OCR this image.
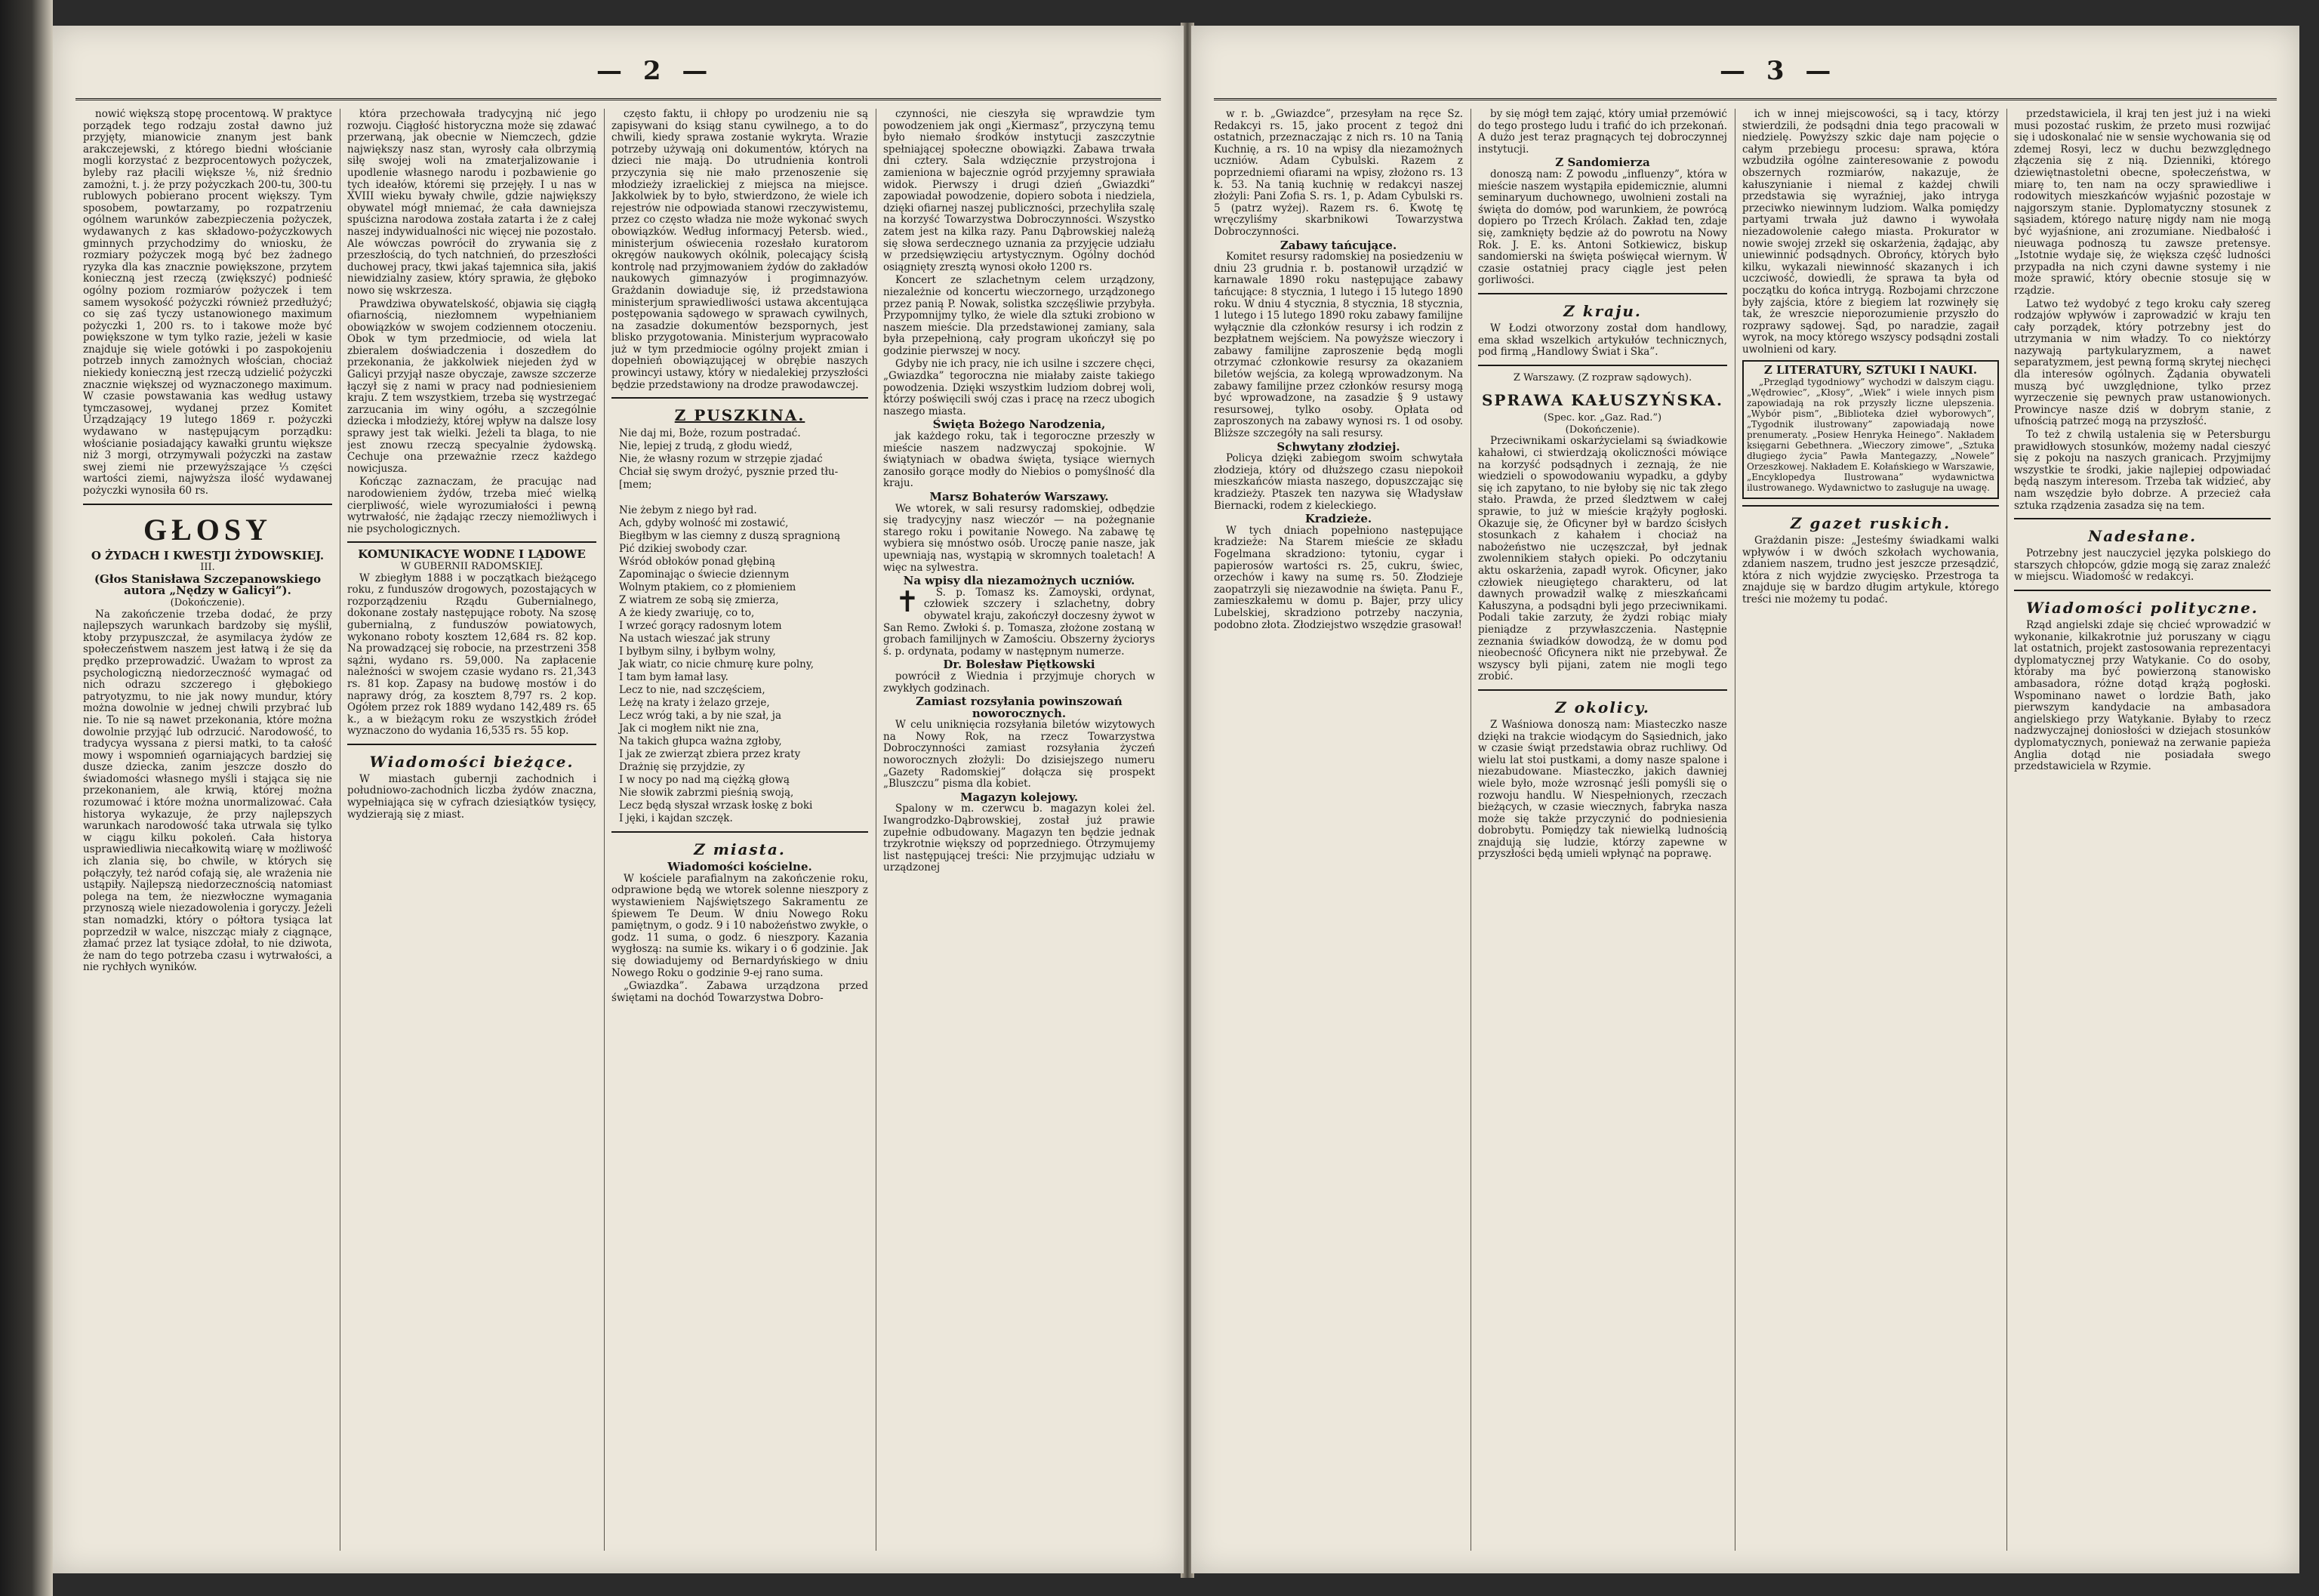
— 2 —

nowić większą stopę procentową. W praktyce porządek tego rodzaju został dawno już przyjęty, mianowicie znanym jest bank arakczejewski, z którego biedni włościanie mogli korzystać z bezprocentowych pożyczek, byleby raz płacili większe ⅛, niż średnio zamożni, t. j. że przy pożyczkach 200-tu, 300-tu rublowych pobierano procent większy. Tym sposobem, powtarzamy, po rozpatrzeniu ogólnem warunków zabezpieczenia pożyczek, wydawanych z kas składowo-pożyczkowych gminnych przychodzimy do wniosku, że rozmiary pożyczek mogą być bez żadnego ryzyka dla kas znacznie powiększone, przytem konieczną jest rzeczą (zwiększyć) podnieść ogólny poziom rozmiarów pożyczek i tem samem wysokość pożyczki również przedłużyć; co się zaś tyczy ustanowionego maximum pożyczki 1, 200 rs. to i takowe może być powiększone w tym tylko razie, jeżeli w kasie znajduje się wiele gotówki i po zaspokojeniu potrzeb innych zamożnych włościan, chociaż niekiedy konieczną jest rzeczą udzielić pożyczki znacznie większej od wyznaczonego maximum. W czasie powstawania kas według ustawy tymczasowej, wydanej przez Komitet Urządzający 19 lutego 1869 r. pożyczki wydawano w następującym porządku: włościanie posiadający kawałki gruntu większe niż 3 morgi, otrzymywali pożyczki na zastaw swej ziemi nie przewyższające ⅓ części wartości ziemi, najwyższa ilość wydawanej pożyczki wynosiła 60 rs.

GŁOSY
O ŻYDACH I KWESTJI ŻYDOWSKIEJ.
III.
(Głos Stanisława Szczepanowskiego autora „Nędzy w Galicyi”).
(Dokończenie).

Na zakończenie trzeba dodać, że przy najlepszych warunkach bardzoby się myślił, ktoby przypuszczał, że asymilacya żydów ze społeczeństwem naszem jest łatwą i że się da prędko przeprowadzić. Uważam to wprost za psychologiczną niedorzeczność wymagać od nich odrazu szczerego i głębokiego patryotyzmu, to nie jak nowy mundur, który można dowolnie w jednej chwili przybrać lub nie. To nie są nawet przekonania, które można dowolnie przyjąć lub odrzucić. Narodowość, to tradycya wyssana z piersi matki, to ta całość mowy i wspomnień ogarniających bardziej się dusze dziecka, zanim jeszcze doszło do świadomości własnego myśli i stająca się nie przekonaniem, ale krwią, której można rozumować i które można unormalizować. Cała historya wykazuje, że przy najlepszych warunkach narodowość taka utrwala się tylko w ciągu kilku pokoleń. Cała historya usprawiedliwia niecałkowitą wiarę w możliwość ich zlania się, bo chwile, w których się połączyły, też naród cofają się, ale wrażenia nie ustąpiły. Najlepszą niedorzecznością natomiast polega na tem, że niezwłoczne wymagania przynoszą wiele niezadowolenia i goryczy. Jeżeli stan nomadzki, który o półtora tysiąca lat poprzedził w walce, niszcząc miały z ciągnące, złamać przez lat tysiące zdołał, to nie dziwota, że nam do tego potrzeba czasu i wytrwałości, a nie rychłych wyników.

która przechowała tradycyjną nić jego rozwoju. Ciągłość historyczna może się zdawać przerwaną, jak obecnie w Niemczech, gdzie największy nasz stan, wyrosły cała olbrzymią siłę swojej woli na zmaterjalizowanie i upodlenie własnego narodu i pozbawienie go tych ideałów, któremi się przejęły. I u nas w XVIII wieku bywały chwile, gdzie największy obywatel mógł mniemać, że cała dawniejsza spuścizna narodowa została zatarta i że z całej naszej indywidualności nic więcej nie pozostało. Ale wówczas powrócił do zrywania się z przeszłością, do tych natchnień, do przeszłości duchowej pracy, tkwi jakaś tajemnica siła, jakiś niewidzialny zasiew, który sprawia, że głęboko nowo się wskrzesza.

Prawdziwa obywatelskość, objawia się ciągłą ofiarnością, niezłomnem wypełnianiem obowiązków w swojem codziennem otoczeniu. Obok w tym przedmiocie, od wiela lat zbieralem doświadczenia i doszedłem do przekonania, że jakkolwiek niejeden żyd w Galicyi przyjął nasze obyczaje, zawsze szczerze łączył się z nami w pracy nad podniesieniem kraju. Z tem wszystkiem, trzeba się wystrzegać zarzucania im winy ogółu, a szczególnie dziecka i młodzieży, której wpływ na dalsze losy sprawy jest tak wielki. Jeżeli ta blaga, to nie jest znowu rzeczą specyalnie żydowską. Cechuje ona przeważnie rzecz każdego nowicjusza.

Kończąc zaznaczam, że pracując nad narodowieniem żydów, trzeba mieć wielką cierpliwość, wiele wyrozumiałości i pewną wytrwałość, nie żądając rzeczy niemożliwych i nie psychologicznych.

KOMUNIKACYE WODNE I LĄDOWE
W GUBERNII RADOMSKIEJ.

W zbiegłym 1888 i w początkach bieżącego roku, z funduszów drogowych, pozostających w rozporządzeniu Rządu Gubernialnego, dokonane zostały następujące roboty. Na szosę gubernialną, z funduszów powiatowych, wykonano roboty kosztem 12,684 rs. 82 kop. Na prowadzącej się robocie, na przestrzeni 358 sążni, wydano rs. 59,000. Na zapłacenie należności w swojem czasie wydano rs. 21,343 rs. 81 kop. Zapasy na budowę mostów i do naprawy dróg, za kosztem 8,797 rs. 2 kop. Ogółem przez rok 1889 wydano 142,489 rs. 65 k., a w bieżącym roku ze wszystkich źródeł wyznaczono do wydania 16,535 rs. 55 kop.

Wiadomości bieżące.

W miastach gubernji zachodnich i południowo-zachodnich liczba żydów znaczna, wypełniająca się w cyfrach dziesiątków tysięcy, wydzierają się z miast.

często faktu, ii chłopy po urodzeniu nie są zapisywani do ksiąg stanu cywilnego, a to do chwili, kiedy sprawa zostanie wykryta. Wrazie potrzeby używają oni dokumentów, których na dzieci nie mają. Do utrudnienia kontroli przyczynia się nie mało przenoszenie się młodzieży izraelickiej z miejsca na miejsce. Jakkolwiek by to było, stwierdzono, że wiele ich rejestrów nie odpowiada stanowi rzeczywistemu, przez co często władza nie może wykonać swych obowiązków. Według informacyj Petersb. wied., ministerjum oświecenia rozesłało kuratorom okręgów naukowych okólnik, polecający ścisłą kontrolę nad przyjmowaniem żydów do zakładów naukowych gimnazyów i progimnazyów. Grażdanin dowiaduje się, iż przedstawiona ministerjum sprawiedliwości ustawa akcentująca postępowania sądowego w sprawach cywilnych, na zasadzie dokumentów bezspornych, jest blisko przygotowania. Ministerjum wypracowało już w tym przedmiocie ogólny projekt zmian i dopełnień obowiązującej w obrębie naszych prowincyi ustawy, który w niedalekiej przyszłości będzie przedstawiony na drodze prawodawczej.

Z PUSZKINA.
Nie daj mi, Boże, rozum postradać.
Nie, lepiej z trudą, z głodu wiedź,
Nie, że własny rozum w strzępie zjadać
Chciał się swym drożyć, pysznie przed tłu-
[mem;

Nie żebym z niego był rad.
Ach, gdyby wolność mi zostawić,
Biegłbym w las ciemny z duszą spragnioną
Pić dzikiej swobody czar.
Wśród obłoków ponad głębiną
Zapominając o świecie dziennym
Wolnym ptakiem, co z płomieniem
Z wiatrem ze sobą się zmierza,
A że kiedy zwariuję, co to,
I wrzeć gorący radosnym lotem
Na ustach wieszać jak struny
I byłbym silny, i byłbym wolny,
Jak wiatr, co nicie chmurę kure polny,
I tam bym łamał lasy.
Lecz to nie, nad szczęściem,
Leżę na kraty i żelazo grzeje,
Lecz wróg taki, a by nie szał, ja
Jak ci mogłem nikt nie zna,
Na takich głupca ważna zgłoby,
I jak ze zwierząt zbiera przez kraty
Drażnię się przyjdzie, zy
I w nocy po nad mą ciężką głową
Nie słowik zabrzmi pieśnią swoją,
Lecz będą słyszał wrzask łoskę z boki
I jęki, i kajdan szczęk.
Z miasta.
Wiadomości kościelne.

W kościele parafialnym na zakończenie roku, odprawione będą we wtorek solenne nieszpory z wystawieniem Najświętszego Sakramentu ze śpiewem Te Deum. W dniu Nowego Roku pamiętnym, o godz. 9 i 10 nabożeństwo zwykłe, o godz. 11 suma, o godz. 6 nieszpory. Kazania wygłoszą: na sumie ks. wikary i o 6 godzinie. Jak się dowiadujemy od Bernardyńskiego w dniu Nowego Roku o godzinie 9-ej rano suma.

„Gwiazdka”. Zabawa urządzona przed świętami na dochód Towarzystwa Dobro-

czynności, nie cieszyła się wprawdzie tym powodzeniem jak ongi „Kiermasz”, przyczyną temu było niemało środków instytucji zaszczytnie spełniającej społeczne obowiązki. Zabawa trwała dni cztery. Sala wdzięcznie przystrojona i zamieniona w bajecznie ogród przyjemny sprawiała widok. Pierwszy i drugi dzień „Gwiazdki” zapowiadał powodzenie, dopiero sobota i niedziela, dzięki ofiarnej naszej publiczności, przechyliła szalę na korzyść Towarzystwa Dobroczynności. Wszystko zatem jest na kilka razy. Panu Dąbrowskiej należą się słowa serdecznego uznania za przyjęcie udziału w przedsięwzięciu artystycznym. Ogólny dochód osiągnięty zresztą wynosi około 1200 rs.

Koncert ze szlachetnym celem urządzony, niezależnie od koncertu wieczornego, urządzonego przez panią P. Nowak, solistka szczęśliwie przybyła. Przypomnijmy tylko, że wiele dla sztuki zrobiono w naszem mieście. Dla przedstawionej zamiany, sala była przepełnioną, cały program ukończył się po godzinie pierwszej w nocy.

Gdyby nie ich pracy, nie ich usilne i szczere chęci, „Gwiazdka” tegoroczna nie miałaby zaiste takiego powodzenia. Dzięki wszystkim ludziom dobrej woli, którzy poświęcili swój czas i pracę na rzecz ubogich naszego miasta.

Święta Bożego Narodzenia,

jak każdego roku, tak i tegoroczne przeszły w mieście naszem nadzwyczaj spokojnie. W świątyniach w obadwa święta, tysiące wiernych zanosiło gorące modły do Niebios o pomyślność dla kraju.

Marsz Bohaterów Warszawy.

We wtorek, w sali resursy radomskiej, odbędzie się tradycyjny nasz wieczór — na pożegnanie starego roku i powitanie Nowego. Na zabawę tę wybiera się mnóstwo osób. Uroczę panie nasze, jak upewniają nas, wystąpią w skromnych toaletach! A więc na sylwestra.

Na wpisy dla niezamożnych uczniów.

✝ S. p. Tomasz ks. Zamoyski, ordynat, człowiek szczery i szlachetny, dobry obywatel kraju, zakończył doczesny żywot w San Remo. Zwłoki ś. p. Tomasza, złożone zostaną w grobach familijnych w Zamościu. Obszerny życiorys ś. p. ordynata, podamy w następnym numerze.

Dr. Bolesław Piętkowski

powrócił z Wiednia i przyjmuje chorych w zwykłych godzinach.

Zamiast rozsyłania powinszowań noworocznych.

W celu uniknięcia rozsyłania biletów wizytowych na Nowy Rok, na rzecz Towarzystwa Dobroczynności zamiast rozsyłania życzeń noworocznych złożyli: Do dzisiejszego numeru „Gazety Radomskiej” dołącza się prospekt „Bluszczu” pisma dla kobiet.

Magazyn kolejowy.

Spalony w m. czerwcu b. magazyn kolei żel. Iwangrodzko-Dąbrowskiej, został już prawie zupełnie odbudowany. Magazyn ten będzie jednak trzykrotnie większy od poprzedniego. Otrzymujemy list następującej treści: Nie przyjmując udziału w urządzonej

— 3 —

w r. b. „Gwiazdce”, przesyłam na ręce Sz. Redakcyi rs. 15, jako procent z tegoż dni ostatnich, przeznaczając z nich rs. 10 na Tanią Kuchnię, a rs. 10 na wpisy dla niezamożnych uczniów. Adam Cybulski. Razem z poprzedniemi ofiarami na wpisy, złożono rs. 13 k. 53. Na tanią kuchnię w redakcyi naszej złożyli: Pani Zofia S. rs. 1, p. Adam Cybulski rs. 5 (patrz wyżej). Razem rs. 6. Kwotę tę wręczyliśmy skarbnikowi Towarzystwa Dobroczynności.

Zabawy tańcujące.

Komitet resursy radomskiej na posiedzeniu w dniu 23 grudnia r. b. postanowił urządzić w karnawale 1890 roku następujące zabawy tańcujące: 8 stycznia, 1 lutego i 15 lutego 1890 roku. W dniu 4 stycznia, 8 stycznia, 18 stycznia, 1 lutego i 15 lutego 1890 roku zabawy familijne wyłącznie dla członków resursy i ich rodzin z bezpłatnem wejściem. Na powyższe wieczory i zabawy familijne zaproszenie będą mogli otrzymać członkowie resursy za okazaniem biletów wejścia, za kolegą wprowadzonym. Na zabawy familijne przez członków resursy mogą być wprowadzone, na zasadzie § 9 ustawy resursowej, tylko osoby. Opłata od zaproszonych na zabawy wynosi rs. 1 od osoby. Bliższe szczegóły na sali resursy.

Schwytany złodziej.

Policya dzięki zabiegom swoim schwytała złodzieja, który od dłuższego czasu niepokoił mieszkańców miasta naszego, dopuszczając się kradzieży. Ptaszek ten nazywa się Władysław Biernacki, rodem z kieleckiego.

Kradzieże.

W tych dniach popełniono następujące kradzieże: Na Starem mieście ze składu Fogelmana skradziono: tytoniu, cygar i papierosów wartości rs. 25, cukru, świec, orzechów i kawy na sumę rs. 50. Złodzieje zaopatrzyli się niezawodnie na święta. Panu F., zamieszkałemu w domu p. Bajer, przy ulicy Lubelskiej, skradziono potrzeby naczynia, podobno złota. Złodziejstwo wszędzie grasował!

by się mógł tem zająć, który umiał przemówić do tego prostego ludu i trafić do ich przekonań. A dużo jest teraz pragnących tej dobroczynnej instytucji.

Z Sandomierza

donoszą nam: Z powodu „influenzy”, która w mieście naszem wystąpiła epidemicznie, alumni seminaryum duchownego, uwolnieni zostali na święta do domów, pod warunkiem, że powrócą dopiero po Trzech Królach. Zakład ten, zdaje się, zamknięty będzie aż do powrotu na Nowy Rok. J. E. ks. Antoni Sotkiewicz, biskup sandomierski na święta poświęcał wiernym. W czasie ostatniej pracy ciągle jest pełen gorliwości.

Z kraju.

W Łodzi otworzony został dom handlowy, ema skład wszelkich artykułów technicznych, pod firmą „Handlowy Świat i Ska”.

Z Warszawy. (Z rozpraw sądowych).
SPRAWA KAŁUSZYŃSKA.
(Spec. kor. „Gaz. Rad.”)
(Dokończenie).

Przeciwnikami oskarżycielami są świadkowie kahałowi, ci stwierdzają okoliczności mówiące na korzyść podsądnych i zeznają, że nie wiedzieli o spowodowaniu wypadku, a gdyby się ich zapytano, to nie byłoby się nic tak złego stało. Prawda, że przed śledztwem w całej sprawie, to już w mieście krążyły pogłoski. Okazuje się, że Oficyner był w bardzo ścisłych stosunkach z kahałem i chociaż na nabożeństwo nie uczęszczał, był jednak zwolennikiem stałych opieki. Po odczytaniu aktu oskarżenia, zapadł wyrok. Oficyner, jako człowiek nieugiętego charakteru, od lat dawnych prowadził walkę z mieszkańcami Kałuszyna, a podsądni byli jego przeciwnikami. Podali takie zarzuty, że żydzi robiąc miały pieniądze z przywłaszczenia. Następnie zeznania świadków dowodzą, że w domu pod nieobecność Oficynera nikt nie przebywał. Że wszyscy byli pijani, zatem nie mogli tego zrobić.

Z okolicy.

Z Waśniowa donoszą nam: Miasteczko nasze dzięki na trakcie wiodącym do Sąsiednich, jako w czasie świąt przedstawia obraz ruchliwy. Od wielu lat stoi pustkami, a domy nasze spalone i niezabudowane. Miasteczko, jakich dawniej wiele było, może wzrosnąć jeśli pomyśli się o rozwoju handlu. W Niespełnionych, rzeczach bieżących, w czasie wiecznych, fabryka nasza może się także przyczynić do podniesienia dobrobytu. Pomiędzy tak niewielką ludnością znajdują się ludzie, którzy zapewne w przyszłości będą umieli wpłynąć na poprawę.

ich w innej miejscowości, są i tacy, którzy stwierdzili, że podsądni dnia tego pracowali w niedzielę. Powyższy szkic daje nam pojęcie o całym przebiegu procesu: sprawa, która wzbudziła ogólne zainteresowanie z powodu obszernych rozmiarów, nakazuje, że kałuszynianie i niemal z każdej chwili przedstawia się wyraźniej, jako intryga przeciwko niewinnym ludziom. Walka pomiędzy partyami trwała już dawno i wywołała niezadowolenie całego miasta. Prokurator w nowie swojej zrzekł się oskarżenia, żądając, aby uniewinnić podsądnych. Obrońcy, których było kilku, wykazali niewinność skazanych i ich uczciwość, dowiedli, że sprawa ta była od początku do końca intrygą. Rozbojami chrzczone były zajścia, które z biegiem lat rozwinęły się tak, że wreszcie nieporozumienie przyszło do rozprawy sądowej. Sąd, po naradzie, zagaił wyrok, na mocy którego wszyscy podsądni zostali uwolnieni od kary.

Z LITERATURY, SZTUKI I NAUKI.

„Przegląd tygodniowy” wychodzi w dalszym ciągu. „Wędrowiec”, „Kłosy”, „Wiek” i wiele innych pism zapowiadają na rok przyszły liczne ulepszenia. „Wybór pism”, „Biblioteka dzieł wyborowych”, „Tygodnik ilustrowany” zapowiadają nowe prenumeraty. „Posiew Henryka Heinego”. Nakładem księgarni Gebethnera. „Wieczory zimowe”, „Sztuka długiego życia” Pawła Mantegazzy, „Nowele” Orzeszkowej. Nakładem E. Kołańskiego w Warszawie, „Encyklopedya Ilustrowana” wydawnictwa ilustrowanego. Wydawnictwo to zasługuje na uwagę.

Z gazet ruskich.

Grażdanin pisze: „Jesteśmy świadkami walki wpływów i w dwóch szkołach wychowania, zdaniem naszem, trudno jest jeszcze przesądzić, która z nich wyjdzie zwycięsko. Przestroga ta znajduje się w bardzo długim artykule, którego treści nie możemy tu podać.

przedstawiciela, il kraj ten jest już i na wieki musi pozostać ruskim, że przeto musi rozwijać się i udoskonalać nie w sensie wychowania się od zdemej Rosyi, lecz w duchu bezwzględnego złączenia się z nią. Dzienniki, którego dziewiętnastoletni obecne, społeczeństwa, w miarę to, ten nam na oczy sprawiedliwe i rodowitych mieszkańców wyjaśnić pozostaje w najgorszym stanie. Dyplomatyczny stosunek z sąsiadem, którego naturę nigdy nam nie mogą być wyjaśnione, ani zrozumiane. Niedbałość i nieuwaga podnoszą tu zawsze pretensye. „Istotnie wydaje się, że większa część ludności przypadła na nich czyni dawne systemy i nie może sprawić, który obecnie stosuje się w rządzie.

Latwo też wydobyć z tego kroku cały szereg rodzajów wpływów i zaprowadzić w kraju ten cały porządek, który potrzebny jest do utrzymania w nim władzy. To co niektórzy nazywają partykularyzmem, a nawet separatyzmem, jest pewną formą skrytej niechęci dla interesów ogólnych. Żądania obywateli muszą być uwzględnione, tylko przez wyrzeczenie się pewnych praw ustanowionych. Prowincye nasze dziś w dobrym stanie, z ufnością patrzeć mogą na przyszłość.

To też z chwilą ustalenia się w Petersburgu prawidłowych stosunków, możemy nadal cieszyć się z pokoju na naszych granicach. Przyjmijmy wszystkie te środki, jakie najlepiej odpowiadać będą naszym interesom. Trzeba tak widzieć, aby nam wszędzie było dobrze. A przecież cała sztuka rządzenia zasadza się na tem.

Nadesłane.

Potrzebny jest nauczyciel języka polskiego do starszych chłopców, gdzie mogą się zaraz znaleźć w miejscu. Wiadomość w redakcyi.

Wiadomości polityczne.

Rząd angielski zdaje się chcieć wprowadzić w wykonanie, kilkakrotnie już poruszany w ciągu lat ostatnich, projekt zastosowania reprezentacyi dyplomatycznej przy Watykanie. Co do osoby, któraby ma być powierzoną stanowisko ambasadora, różne dotąd krążą pogłoski. Wspominano nawet o lordzie Bath, jako pierwszym kandydacie na ambasadora angielskiego przy Watykanie. Byłaby to rzecz nadzwyczajnej doniosłości w dziejach stosunków dyplomatycznych, ponieważ na zerwanie papieża Anglia dotąd nie posiadała swego przedstawiciela w Rzymie.
